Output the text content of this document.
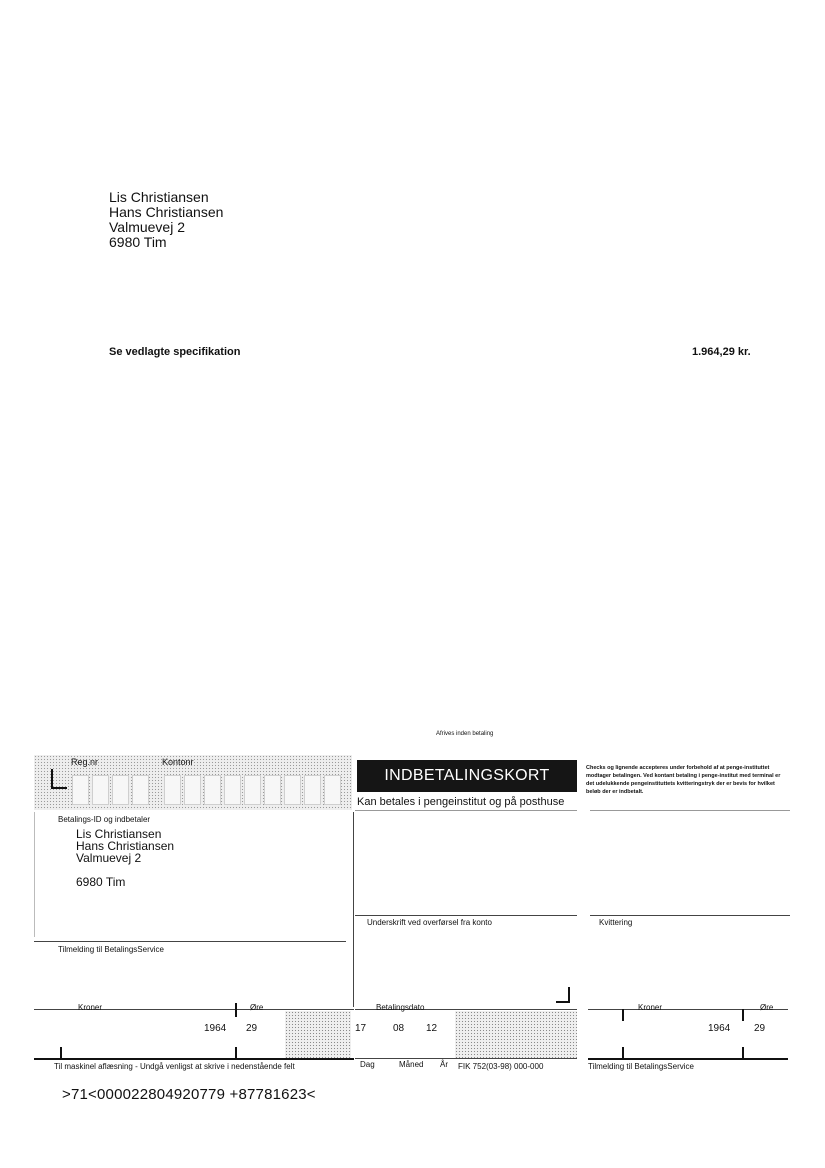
Lis Christiansen
Hans Christiansen
Valmuevej 2
6980 Tim
Se vedlagte specifikation	1.964,29 kr.
Afrives inden betaling
Reg.nr	Kontonr
INDBETALINGSKORT
Kan betales i pengeinstitut og på posthuse
Checks og lignende accepteres under forbehold af at penge-instituttet modtager betalingen. Ved kontant betaling i penge-institut med terminal er det udelukkende pengeinstituttets kvitteringstryk der er bevis for hvilket beløb der er indbetalt.
Betalings-ID og indbetaler
Lis Christiansen
Hans Christiansen
Valmuevej 2
6980 Tim
Underskrift ved overførsel fra konto	Kvittering
Tilmelding til BetalingsService
Kroner	Øre	Betalingsdato	Kroner	Øre
1964 29	17	08 12	1964 29
Til maskinel aflæsning - Undgå venligst at skrive i nedenstående felt	Dag	Måned År FIK 752(03-98) 000-000	Tilmelding til BetalingsService
>71<000022804920779 +87781623<
